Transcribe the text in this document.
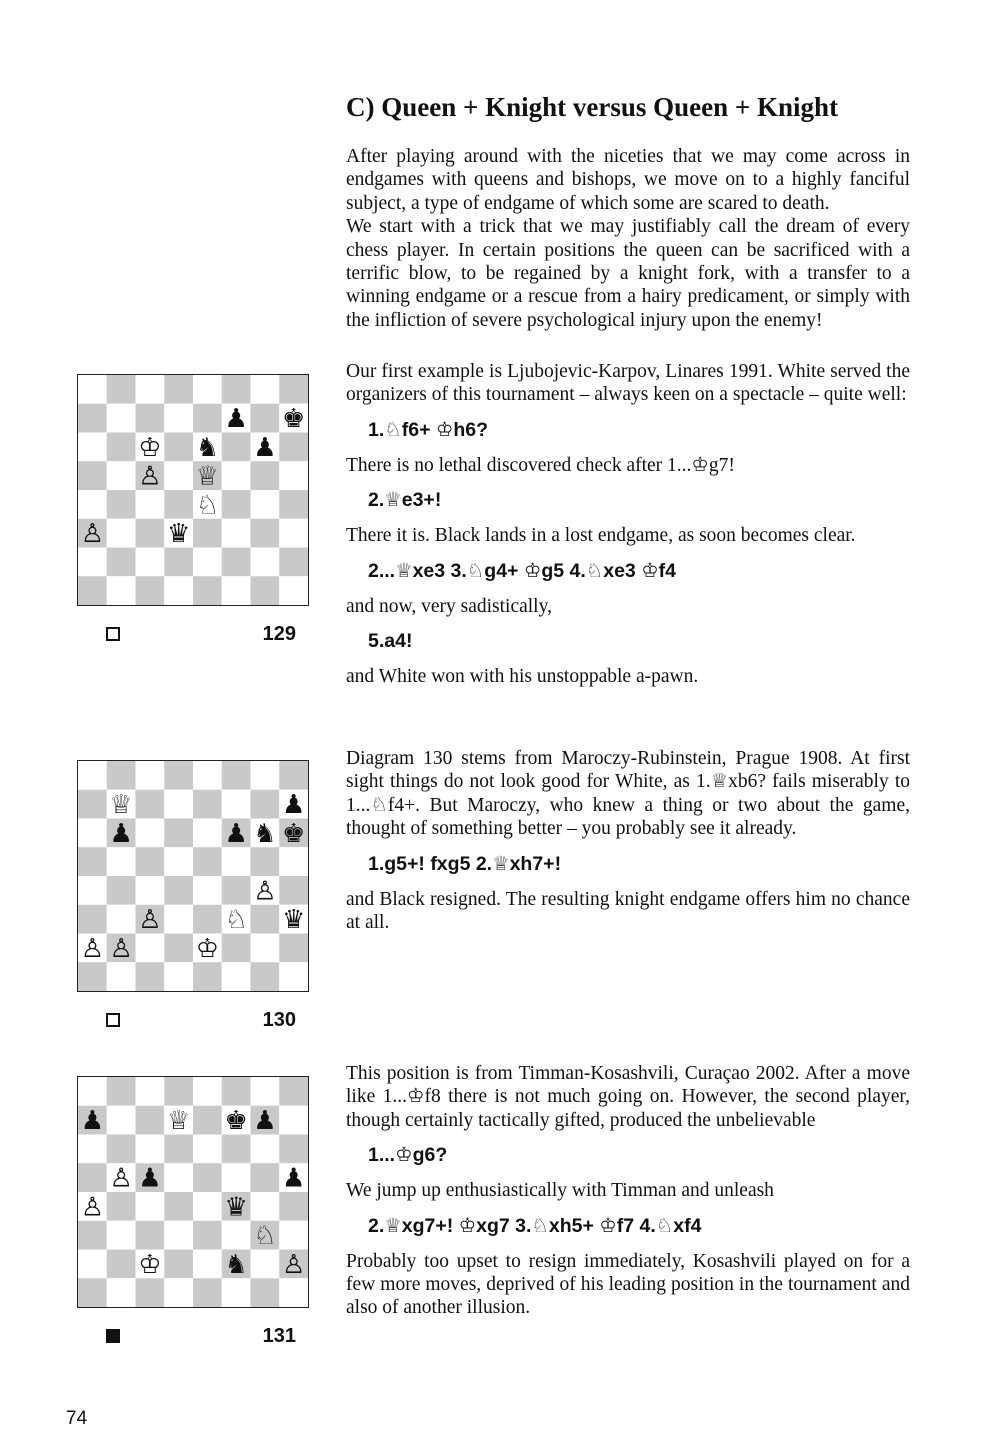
C) Queen + Knight versus Queen + Knight

After playing around with the niceties that we may come across in endgames with queens and bishops, we move on to a highly fanciful subject, a type of endgame of which some are scared to death.

We start with a trick that we may justifiably call the dream of every chess player. In certain positions the queen can be sacrificed with a terrific blow, to be regained by a knight fork, with a transfer to a winning endgame or a rescue from a hairy predicament, or simply with the infliction of severe psychological injury upon the enemy!

Our first example is Ljubojevic-Karpov, Linares 1991. White served the organizers of this tournament – always keen on a spectacle – quite well:

1.♘f6+ ♔h6?

There is no lethal discovered check after 1...♔g7!

2.♕e3+!

There it is. Black lands in a lost endgame, as soon becomes clear.

2...♕xe3 3.♘g4+ ♔g5 4.♘xe3 ♔f4

and now, very sadistically,

5.a4!

and White won with his unstoppable a-pawn.

Diagram 130 stems from Maroczy-Rubinstein, Prague 1908. At first sight things do not look good for White, as 1.♕xb6? fails miserably to 1...♘f4+. But Maroczy, who knew a thing or two about the game, thought of something better – you probably see it already.

1.g5+! fxg5 2.♕xh7+!

and Black resigned. The resulting knight endgame offers him no chance at all.

This position is from Timman-Kosashvili, Curaçao 2002. After a move like 1...♔f8 there is not much going on. However, the second player, though certainly tactically gifted, produced the unbelievable

1...♔g6?

We jump up enthusiastically with Timman and unleash

2.♕xg7+! ♔xg7 3.♘xh5+ ♔f7 4.♘xf4

Probably too upset to resign immediately, Kosashvili played on for a few more moves, deprived of his leading position in the tournament and also of another illusion.

♟ ♚
♔ ♞ ♟
♙ ♕
♘
♙ ♛
129
♕	♟
♟	♟ ♞ ♚
♙
♙ ♘ ♛
♙ ♙ ♔
130
♟ ♕ ♚ ♟
♙ ♟	♟
♙	♛
♘
♔ ♞ ♙
131
74
